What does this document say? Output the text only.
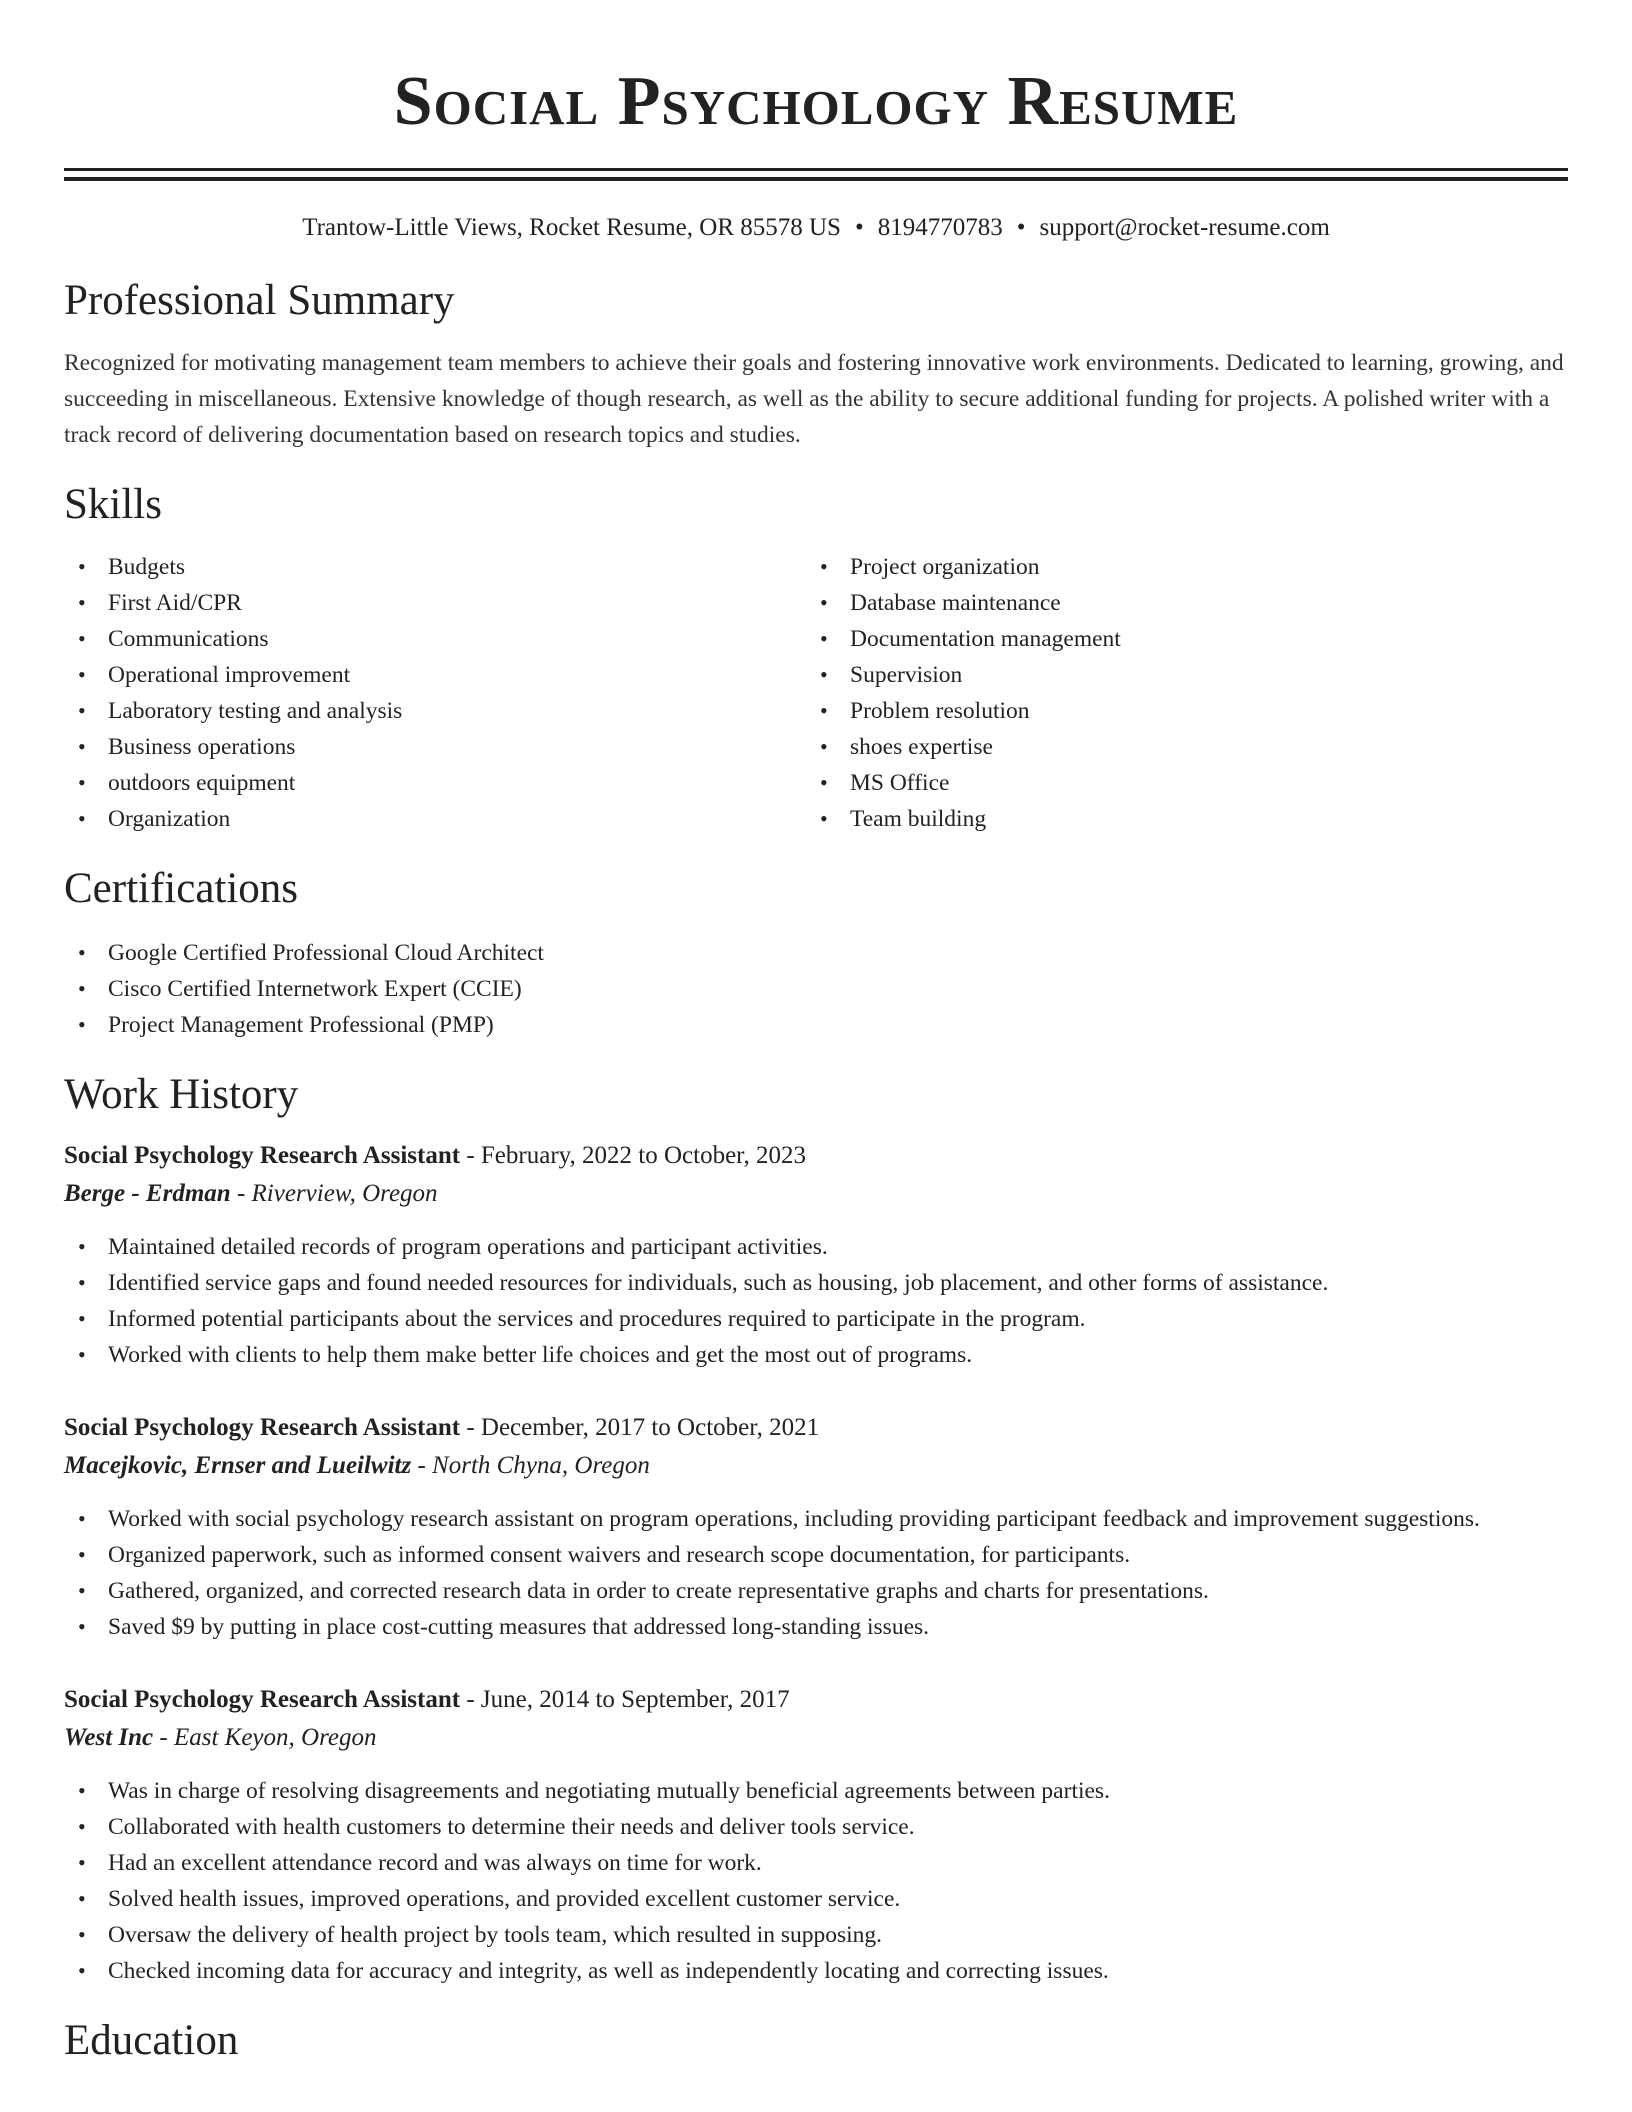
Social Psychology Resume
Trantow-Little Views, Rocket Resume, OR 85578 US • 8194770783 • support@rocket-resume.com
Professional Summary
Recognized for motivating management team members to achieve their goals and fostering innovative work environments. Dedicated to learning, growing, and succeeding in miscellaneous. Extensive knowledge of though research, as well as the ability to secure additional funding for projects. A polished writer with a track record of delivering documentation based on research topics and studies.
Skills
• Budgets
• First Aid/CPR
• Communications
• Operational improvement
• Laboratory testing and analysis
• Business operations
• outdoors equipment
• Organization
• Project organization
• Database maintenance
• Documentation management
• Supervision
• Problem resolution
• shoes expertise
• MS Office
• Team building
Certifications
• Google Certified Professional Cloud Architect
• Cisco Certified Internetwork Expert (CCIE)
• Project Management Professional (PMP)
Work History
Social Psychology Research Assistant - February, 2022 to October, 2023
Berge - Erdman - Riverview, Oregon
• Maintained detailed records of program operations and participant activities.
• Identified service gaps and found needed resources for individuals, such as housing, job placement, and other forms of assistance.
• Informed potential participants about the services and procedures required to participate in the program.
• Worked with clients to help them make better life choices and get the most out of programs.
Social Psychology Research Assistant - December, 2017 to October, 2021
Macejkovic, Ernser and Lueilwitz - North Chyna, Oregon
• Worked with social psychology research assistant on program operations, including providing participant feedback and improvement suggestions.
• Organized paperwork, such as informed consent waivers and research scope documentation, for participants.
• Gathered, organized, and corrected research data in order to create representative graphs and charts for presentations.
• Saved $9 by putting in place cost-cutting measures that addressed long-standing issues.
Social Psychology Research Assistant - June, 2014 to September, 2017
West Inc - East Keyon, Oregon
• Was in charge of resolving disagreements and negotiating mutually beneficial agreements between parties.
• Collaborated with health customers to determine their needs and deliver tools service.
• Had an excellent attendance record and was always on time for work.
• Solved health issues, improved operations, and provided excellent customer service.
• Oversaw the delivery of health project by tools team, which resulted in supposing.
• Checked incoming data for accuracy and integrity, as well as independently locating and correcting issues.
Education
